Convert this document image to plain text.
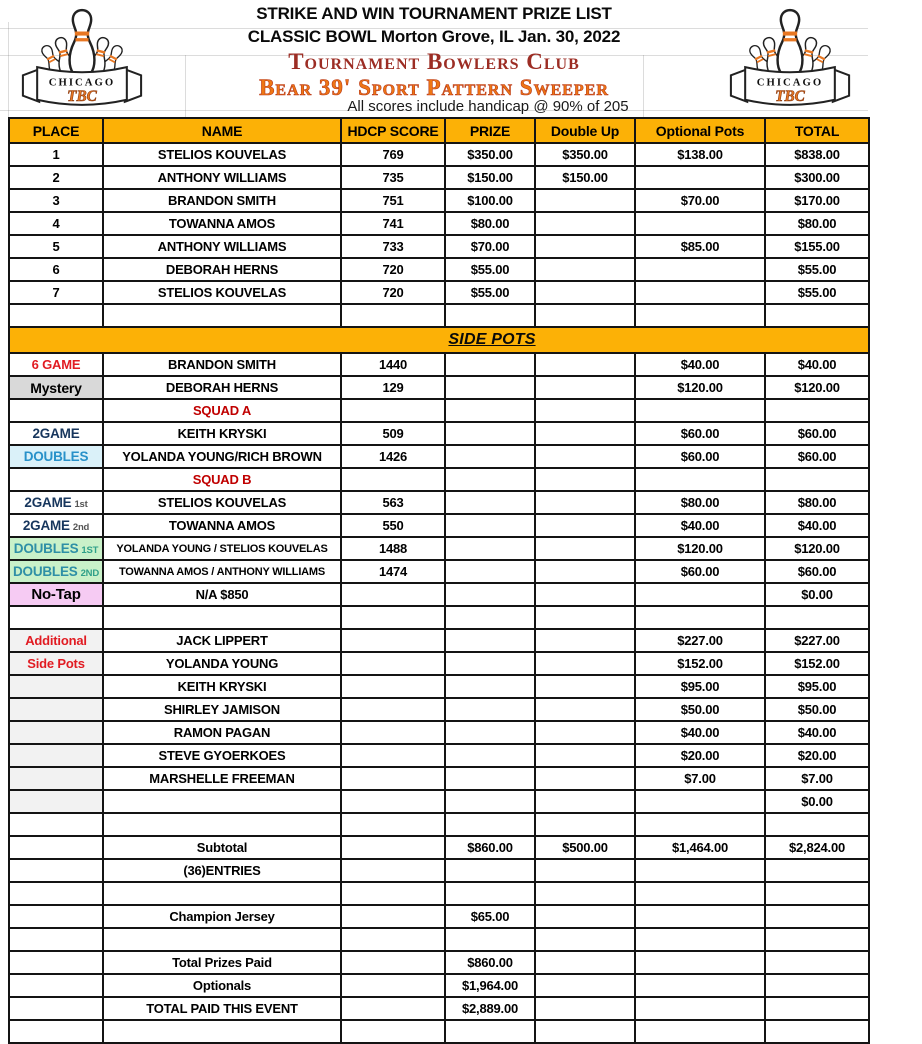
CHICAGO
TBC
CHICAGO
TBC
STRIKE AND WIN TOURNAMENT PRIZE LIST
CLASSIC BOWL Morton Grove, IL Jan. 30, 2022
Tournament Bowlers Club
Bear 39' Sport Pattern Sweeper
All scores include handicap @ 90% of 205
PLACE	NAME	HDCP SCORE	PRIZE	Double Up	Optional Pots	TOTAL
1	STELIOS KOUVELAS	769	$350.00	$350.00	$138.00	$838.00
2	ANTHONY WILLIAMS	735	$150.00	$150.00		$300.00
3	BRANDON SMITH	751	$100.00		$70.00	$170.00
4	TOWANNA AMOS	741	$80.00			$80.00
5	ANTHONY WILLIAMS	733	$70.00		$85.00	$155.00
6	DEBORAH HERNS	720	$55.00			$55.00
7	STELIOS KOUVELAS	720	$55.00			$55.00

SIDE POTS						
6 GAME	BRANDON SMITH	1440			$40.00	$40.00
Mystery	DEBORAH HERNS	129			$120.00	$120.00
	SQUAD A					
2GAME	KEITH KRYSKI	509			$60.00	$60.00
DOUBLES	YOLANDA YOUNG/RICH BROWN	1426			$60.00	$60.00
	SQUAD B					
2GAME 1st	STELIOS KOUVELAS	563			$80.00	$80.00
2GAME 2nd	TOWANNA AMOS	550			$40.00	$40.00
DOUBLES 1ST	YOLANDA YOUNG / STELIOS KOUVELAS	1488			$120.00	$120.00
DOUBLES 2ND	TOWANNA AMOS / ANTHONY WILLIAMS	1474			$60.00	$60.00
No-Tap	N/A $850					$0.00

Additional	JACK LIPPERT				$227.00	$227.00
Side Pots	YOLANDA YOUNG				$152.00	$152.00
	KEITH KRYSKI				$95.00	$95.00
	SHIRLEY JAMISON				$50.00	$50.00
	RAMON PAGAN				$40.00	$40.00
	STEVE GYOERKOES				$20.00	$20.00
	MARSHELLE FREEMAN				$7.00	$7.00
						$0.00

	Subtotal		$860.00	$500.00	$1,464.00	$2,824.00
	(36)ENTRIES					

	Champion Jersey		$65.00			

	Total Prizes Paid		$860.00			
	Optionals		$1,964.00			
	TOTAL PAID THIS EVENT		$2,889.00			
